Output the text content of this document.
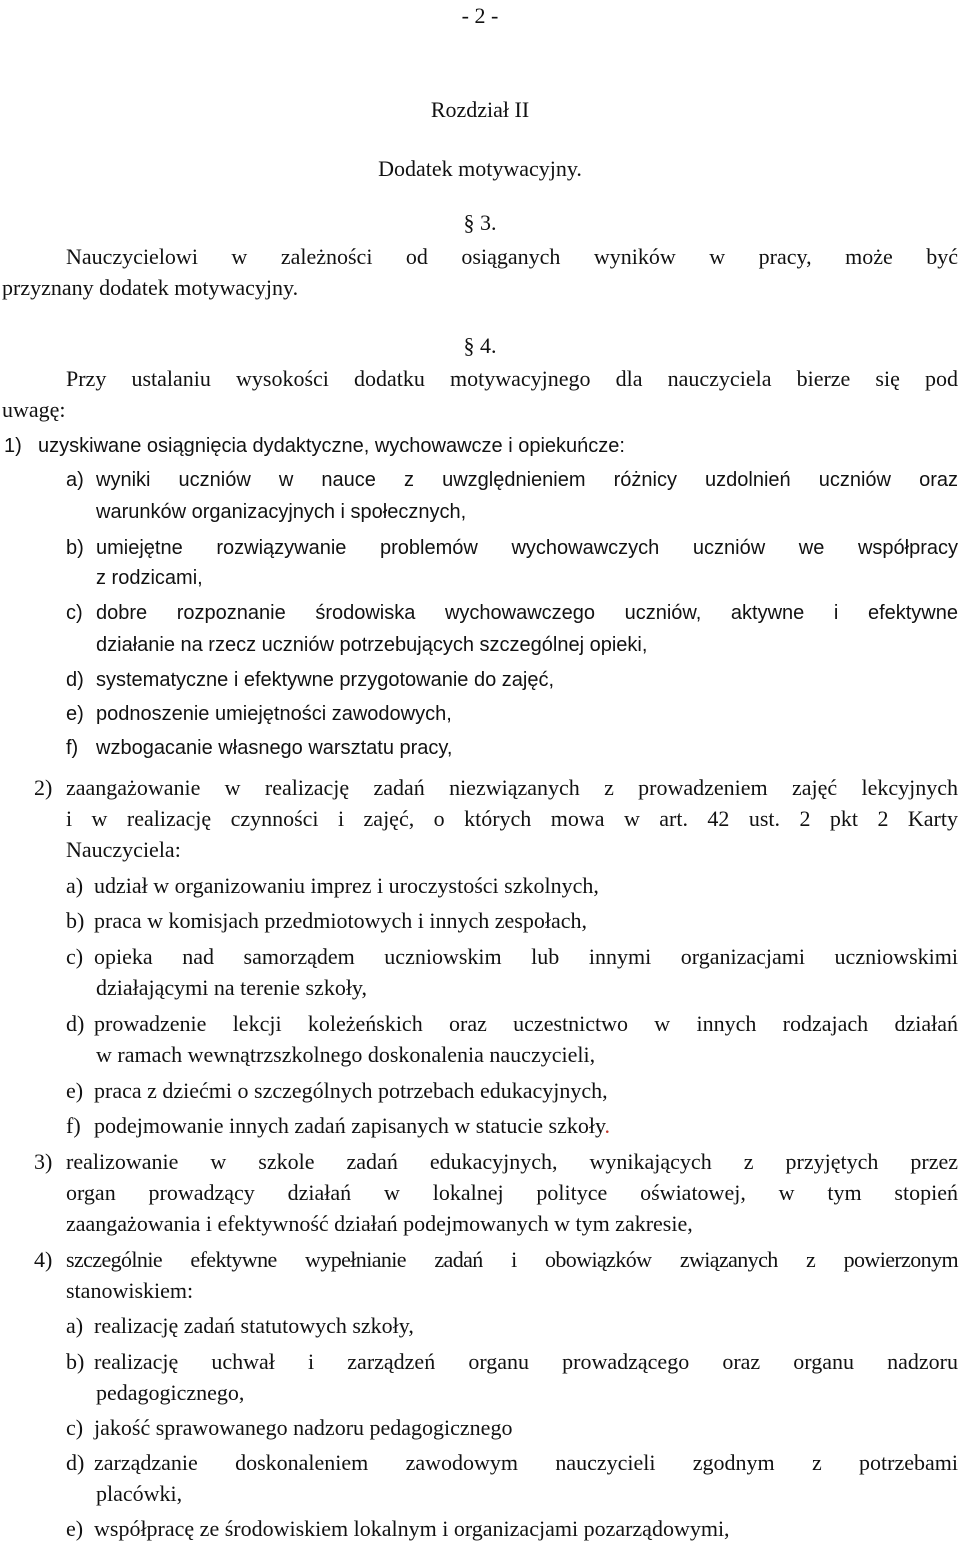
- 2 -
Rozdział II
Dodatek motywacyjny.
§ 3.
Nauczycielowi w zależności od osiąganych wyników w pracy, może być
przyznany dodatek motywacyjny.
§ 4.
Przy ustalaniu wysokości dodatku motywacyjnego dla nauczyciela bierze się pod
uwagę:
1) uzyskiwane osiągnięcia dydaktyczne, wychowawcze i opiekuńcze:
a) wyniki uczniów w nauce z uwzględnieniem różnicy uzdolnień uczniów oraz
warunków organizacyjnych i społecznych,
b) umiejętne rozwiązywanie problemów wychowawczych uczniów we współpracy
z rodzicami,
c) dobre rozpoznanie środowiska wychowawczego uczniów, aktywne i efektywne
działanie na rzecz uczniów potrzebujących szczególnej opieki,
d) systematyczne i efektywne przygotowanie do zajęć,
e) podnoszenie umiejętności zawodowych,
f) wzbogacanie własnego warsztatu pracy,
2) zaangażowanie w realizację zadań niezwiązanych z prowadzeniem zajęć lekcyjnych
i w realizację czynności i zajęć, o których mowa w art. 42 ust. 2 pkt 2 Karty
Nauczyciela:
a) udział w organizowaniu imprez i uroczystości szkolnych,
b) praca w komisjach przedmiotowych i innych zespołach,
c) opieka nad samorządem uczniowskim lub innymi organizacjami uczniowskimi
działającymi na terenie szkoły,
d) prowadzenie lekcji koleżeńskich oraz uczestnictwo w innych rodzajach działań
w ramach wewnątrzszkolnego doskonalenia nauczycieli,
e) praca z dziećmi o szczególnych potrzebach edukacyjnych,
f) podejmowanie innych zadań zapisanych w statucie szkoły.
3) realizowanie w szkole zadań edukacyjnych, wynikających z przyjętych przez
organ prowadzący działań w lokalnej polityce oświatowej, w tym stopień
zaangażowania i efektywność działań podejmowanych w tym zakresie,
4) szczególnie efektywne wypełnianie zadań i obowiązków związanych z powierzonym
stanowiskiem:
a) realizację zadań statutowych szkoły,
b) realizację uchwał i zarządzeń organu prowadzącego oraz organu nadzoru
pedagogicznego,
c) jakość sprawowanego nadzoru pedagogicznego
d) zarządzanie doskonaleniem zawodowym nauczycieli zgodnym z potrzebami
placówki,
e) współpracę ze środowiskiem lokalnym i organizacjami pozarządowymi,
